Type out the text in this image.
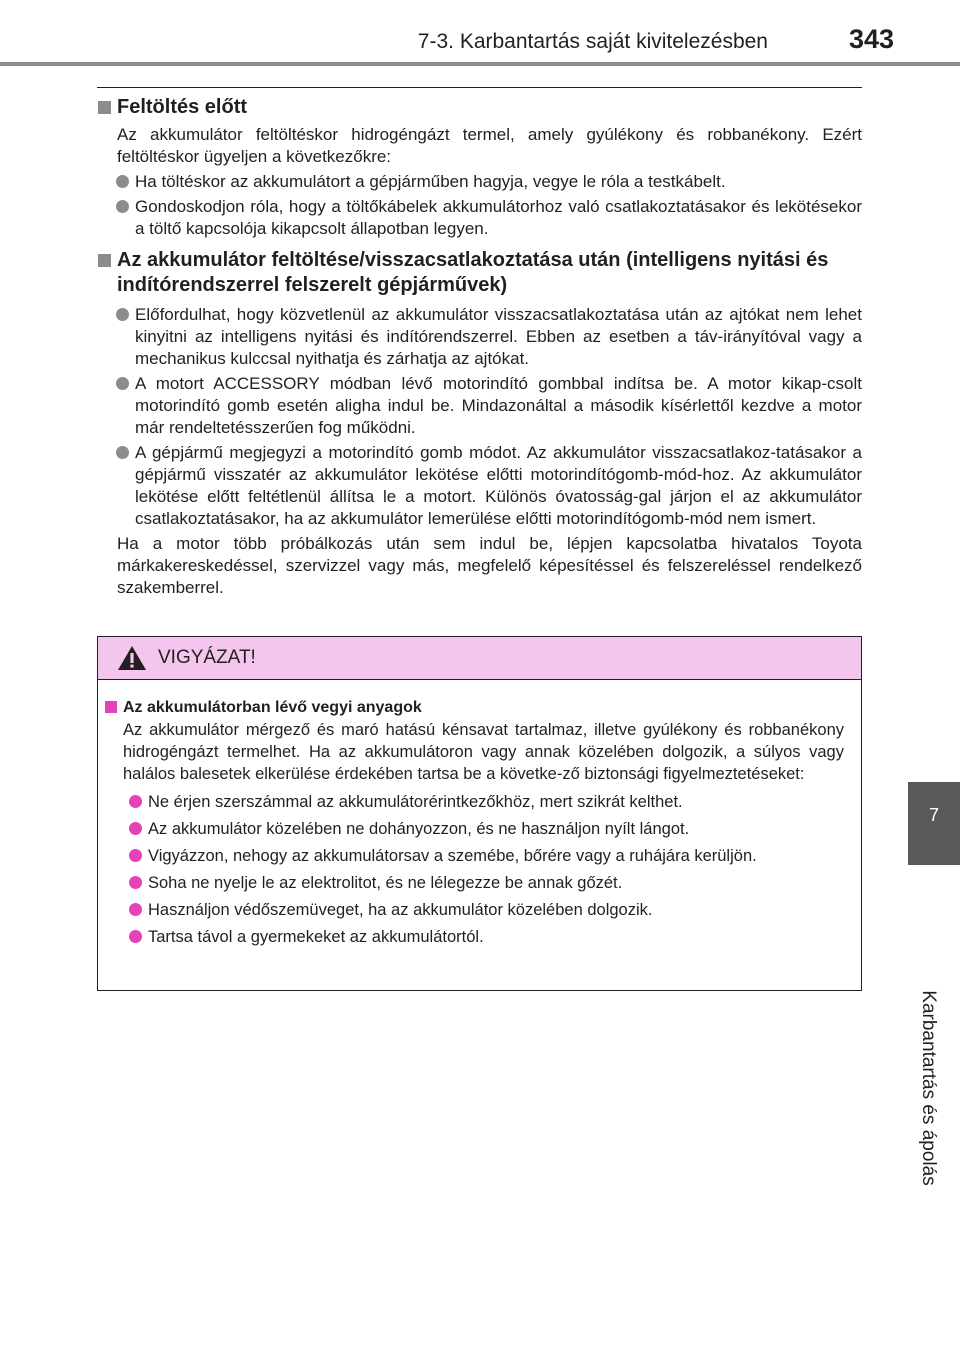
7-3. Karbantartás saját kivitelezésben	343
7
Karbantartás és ápolás
Feltöltés előtt

Az akkumulátor feltöltéskor hidrogéngázt termel, amely gyúlékony és robbanékony. Ezért feltöltéskor ügyeljen a következőkre:

Ha töltéskor az akkumulátort a gépjárműben hagyja, vegye le róla a testkábelt.
Gondoskodjon róla, hogy a töltőkábelek akkumulátorhoz való csatlakoztatásakor és lekötésekor a töltő kapcsolója kikapcsolt állapotban legyen.
Az akkumulátor feltöltése/visszacsatlakoztatása után (intelligens nyitási és indítórendszerrel felszerelt gépjárművek)
Előfordulhat, hogy közvetlenül az akkumulátor visszacsatlakoztatása után az ajtókat nem lehet kinyitni az intelligens nyitási és indítórendszerrel. Ebben az esetben a táv-irányítóval vagy a mechanikus kulccsal nyithatja és zárhatja az ajtókat.
A motort ACCESSORY módban lévő motorindító gombbal indítsa be. A motor kikap-csolt motorindító gomb esetén aligha indul be. Mindazonáltal a második kísérlettől kezdve a motor már rendeltetésszerűen fog működni.
A gépjármű megjegyzi a motorindító gomb módot. Az akkumulátor visszacsatlakoz-tatásakor a gépjármű visszatér az akkumulátor lekötése előtti motorindítógomb-mód-hoz. Az akkumulátor lekötése előtt feltétlenül állítsa le a motort. Különös óvatosság-gal járjon el az akkumulátor csatlakoztatásakor, ha az akkumulátor lemerülése előtti motorindítógomb-mód nem ismert.

Ha a motor több próbálkozás után sem indul be, lépjen kapcsolatba hivatalos Toyota márkakereskedéssel, szervizzel vagy más, megfelelő képesítéssel és felszereléssel rendelkező szakemberrel.

VIGYÁZAT!
Az akkumulátorban lévő vegyi anyagok

Az akkumulátor mérgező és maró hatású kénsavat tartalmaz, illetve gyúlékony és robbanékony hidrogéngázt termelhet. Ha az akkumulátoron vagy annak közelében dolgozik, a súlyos vagy halálos balesetek elkerülése érdekében tartsa be a követke-ző biztonsági figyelmeztetéseket:

Ne érjen szerszámmal az akkumulátorérintkezőkhöz, mert szikrát kelthet.
Az akkumulátor közelében ne dohányozzon, és ne használjon nyílt lángot.
Vigyázzon, nehogy az akkumulátorsav a szemébe, bőrére vagy a ruhájára kerüljön.
Soha ne nyelje le az elektrolitot, és ne lélegezze be annak gőzét.
Használjon védőszemüveget, ha az akkumulátor közelében dolgozik.
Tartsa távol a gyermekeket az akkumulátortól.
